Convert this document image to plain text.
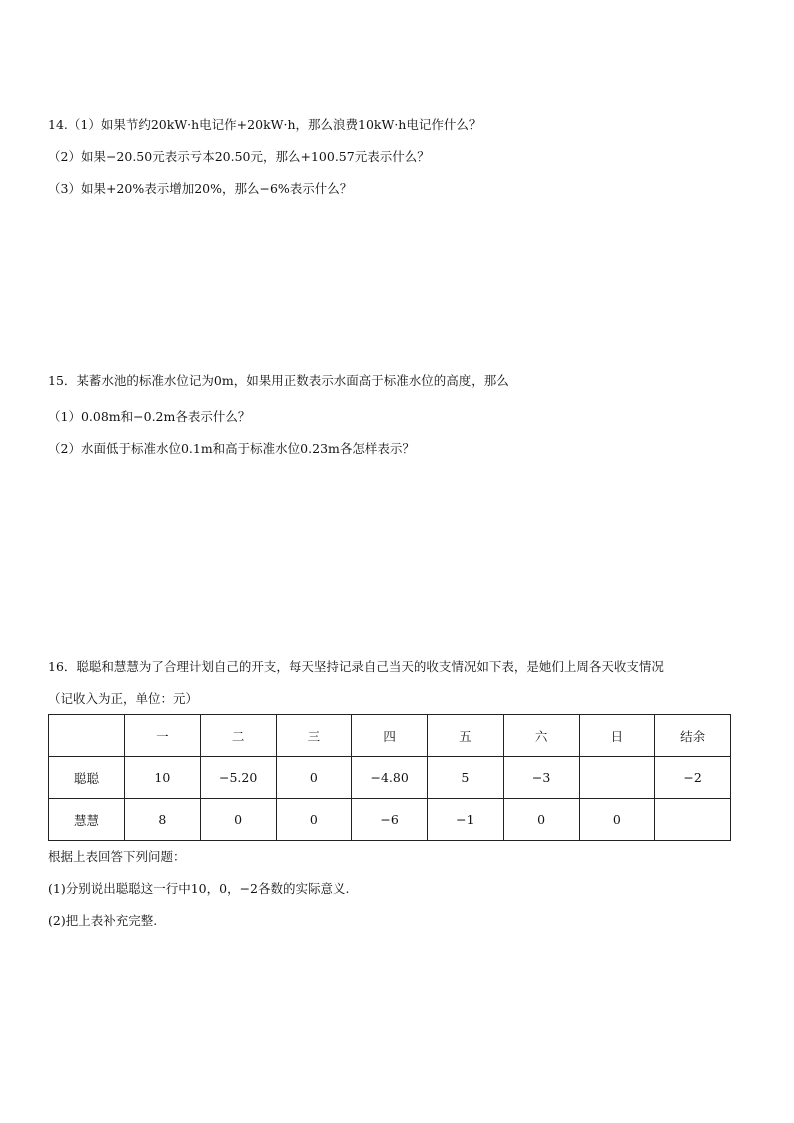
14.（1）如果节约20kW·h电记作+20kW·h，那么浪费10kW·h电记作什么？
（2）如果−20.50元表示亏本20.50元，那么+100.57元表示什么？
（3）如果+20%表示增加20%，那么−6%表示什么？
15．某蓄水池的标准水位记为0m，如果用正数表示水面高于标准水位的高度，那么
（1）0.08m和−0.2m各表示什么？
（2）水面低于标准水位0.1m和高于标准水位0.23m各怎样表示？
16．聪聪和慧慧为了合理计划自己的开支，每天坚持记录自己当天的收支情况如下表，是她们上周各天收支情况
（记收入为正，单位：元）
	一	二	三	四	五	六	日	结余
聪聪	10	−5.20	0	−4.80	5	−3		−2
慧慧	8	0	0	−6	−1	0	0	
根据上表回答下列问题：
(1)分别说出聪聪这一行中10，0，−2各数的实际意义.
(2)把上表补充完整.
